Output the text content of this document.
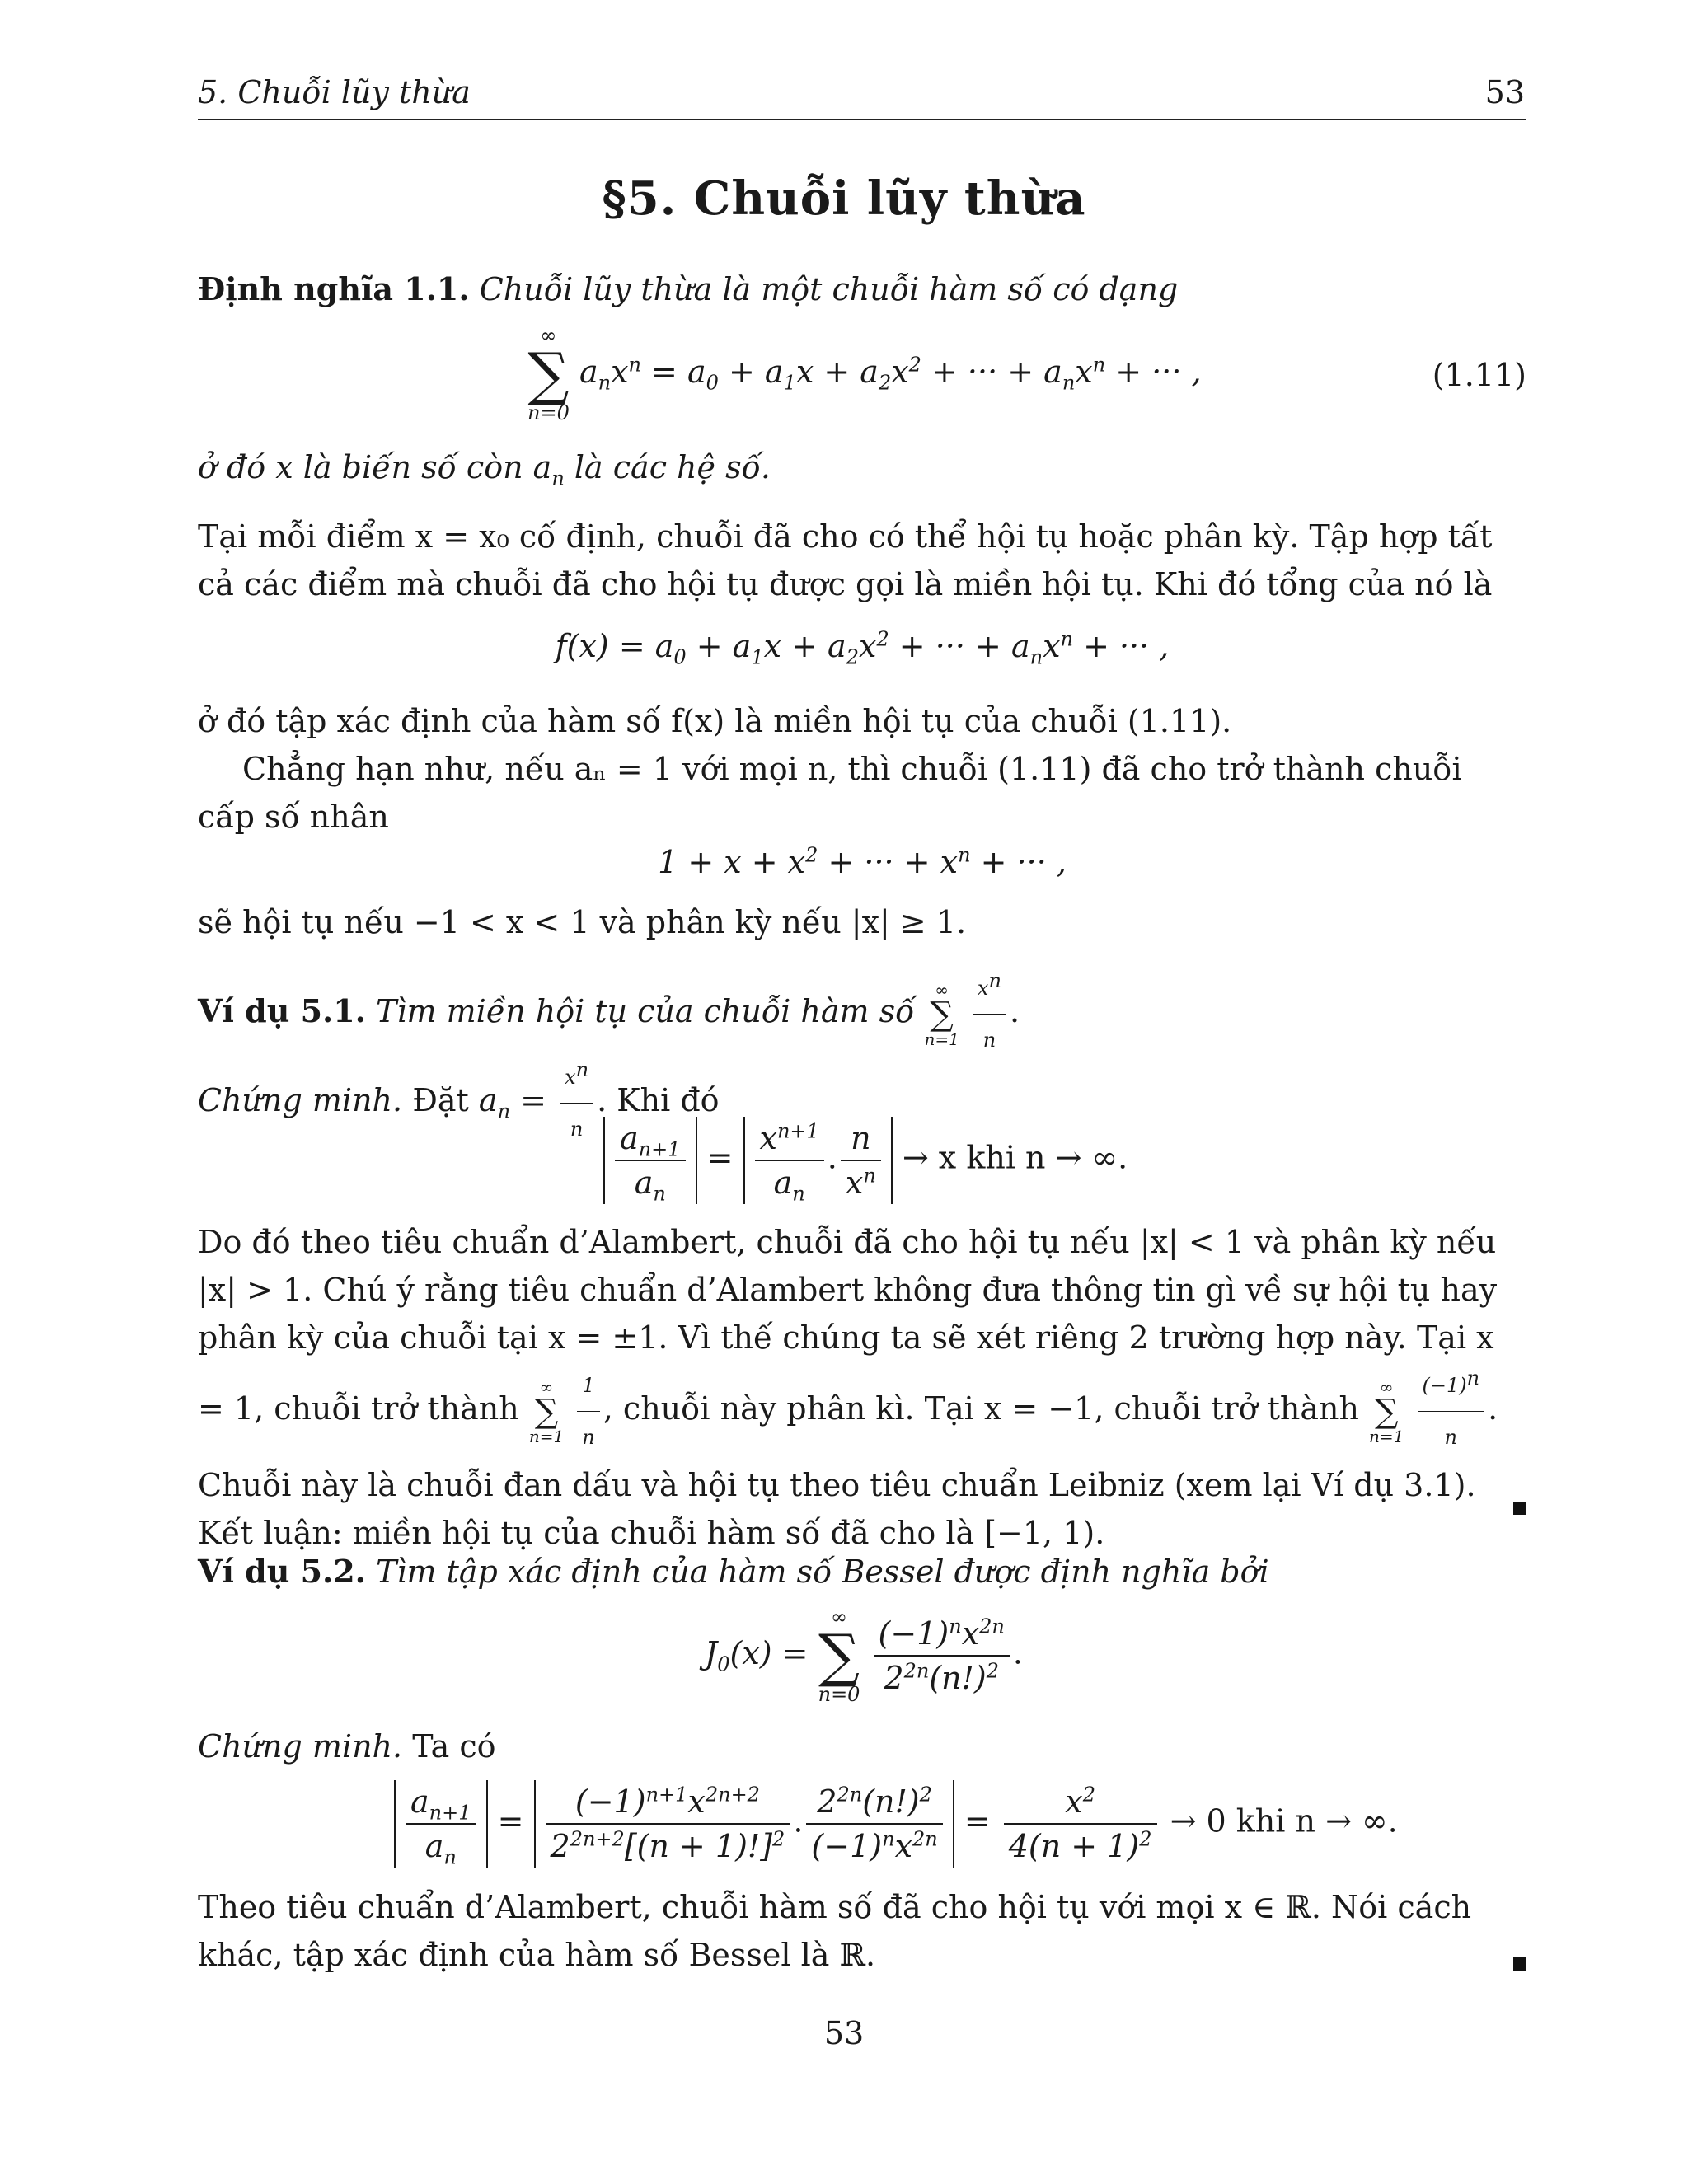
5. Chuỗi lũy thừa	53
§5. Chuỗi lũy thừa
Định nghĩa 1.1. Chuỗi lũy thừa là một chuỗi hàm số có dạng
∞
∑
n=0
$a_nx^n = a_0 + a_1x + a_2x^2$ + ··· + $a_nx^n$ + ··· ,	(1.11)
ở đó x là biến số còn $a_n$ là các hệ số.
Tại mỗi điểm x = x₀ cố định, chuỗi đã cho có thể hội tụ hoặc phân kỳ. Tập hợp tất cả các điểm mà chuỗi đã cho hội tụ được gọi là miền hội tụ. Khi đó tổng của nó là
$f(x) = a_0 + a_1x + a_2x^2$ + ··· + $a_nx^n$ + ··· ,
ở đó tập xác định của hàm số f(x) là miền hội tụ của chuỗi (1.11).
Chẳng hạn như, nếu aₙ = 1 với mọi n, thì chuỗi (1.11) đã cho trở thành chuỗi cấp số nhân
$1 + x + x^2$ + ··· + $x^n$ + ··· ,
sẽ hội tụ nếu −1 < x < 1 và phân kỳ nếu |x| ≥ 1.
Ví dụ 5.1. Tìm miền hội tụ của chuỗi hàm số
∞
∑
n=1
$\frac{x^n}{n}$ .
Chứng minh. Đặt $a_n = \frac{x^n}{n}$ . Khi đó
$\frac{a_{n+1}}{a_n} = \frac{x^{n+1}}{a_n}$ . $\frac{n}{x^n} \to x$ khi n → ∞.
Do đó theo tiêu chuẩn d’Alambert, chuỗi đã cho hội tụ nếu |x| < 1 và phân kỳ nếu |x| > 1. Chú ý rằng tiêu chuẩn d’Alambert không đưa thông tin gì về sự hội tụ hay phân kỳ của chuỗi tại x = ±1. Vì thế chúng ta sẽ xét riêng 2 trường hợp này. Tại x = 1, chuỗi trở thành
∞
∑
n=1
$\frac{1}{n}$ , chuỗi này phân kì. Tại x = −1, chuỗi trở thành
∞
∑
n=1
$\frac{(-1)^n}{n}$ . Chuỗi này là chuỗi đan dấu và hội tụ theo tiêu chuẩn Leibniz (xem lại Ví dụ 3.1). Kết luận: miền hội tụ của chuỗi hàm số đã cho là [−1, 1).
Ví dụ 5.2. Tìm tập xác định của hàm số Bessel được định nghĩa bởi
$J_0(x)$ =
∞
∑
n=0
$\frac{(-1)^nx^{2n}}{2^{2n}(n!)^2}$ .
Chứng minh. Ta có
$\frac{a_{n+1}}{a_n} = \frac{(-1)^{n+1}x^{2n+2}}{2^{2n+2}[(n + 1)!]^2}$ . $\frac{2^{2n}(n!)^2}{(-1)^nx^{2n}} = \frac{x^2}{4(n + 1)^2} \to 0$ khi n → ∞.
Theo tiêu chuẩn d’Alambert, chuỗi hàm số đã cho hội tụ với mọi x ∈ ℝ. Nói cách khác, tập xác định của hàm số Bessel là ℝ.
53
